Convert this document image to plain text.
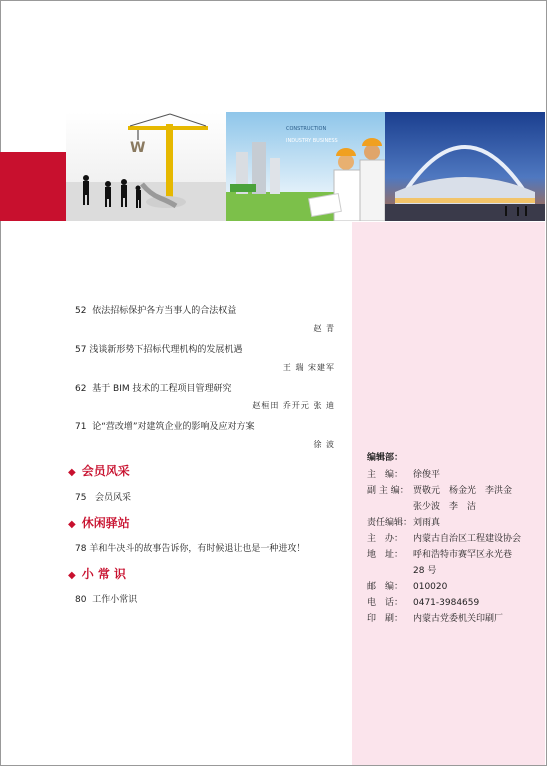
W
CONSTRUCTION
INDUSTRY BUSINESS
52 依法招标保护各方当事人的合法权益
赵 青
57 浅谈新形势下招标代理机构的发展机遇
王 瑞 宋建军
62 基于 BIM 技术的工程项目管理研究
赵桓田 乔开元 张 迪
71 论“营改增”对建筑企业的影响及应对方案
徐 波
◆ 会员风采
75 会员风采
◆ 休闲驿站
78 羊和牛决斗的故事告诉你，有时候退让也是一种进攻！
◆ 小 常 识
80 工作小常识
编辑部：
主　编：	徐俊平
副 主 编： 贾敬元　杨金光　李洪金
张少波　李　洁
责任编辑： 刘雨真
主　办：	内蒙古自治区工程建设协会
地　址：	呼和浩特市赛罕区永光巷
28 号
邮　编：	010020
电　话：	0471-3984659
印　刷：	内蒙古党委机关印刷厂
